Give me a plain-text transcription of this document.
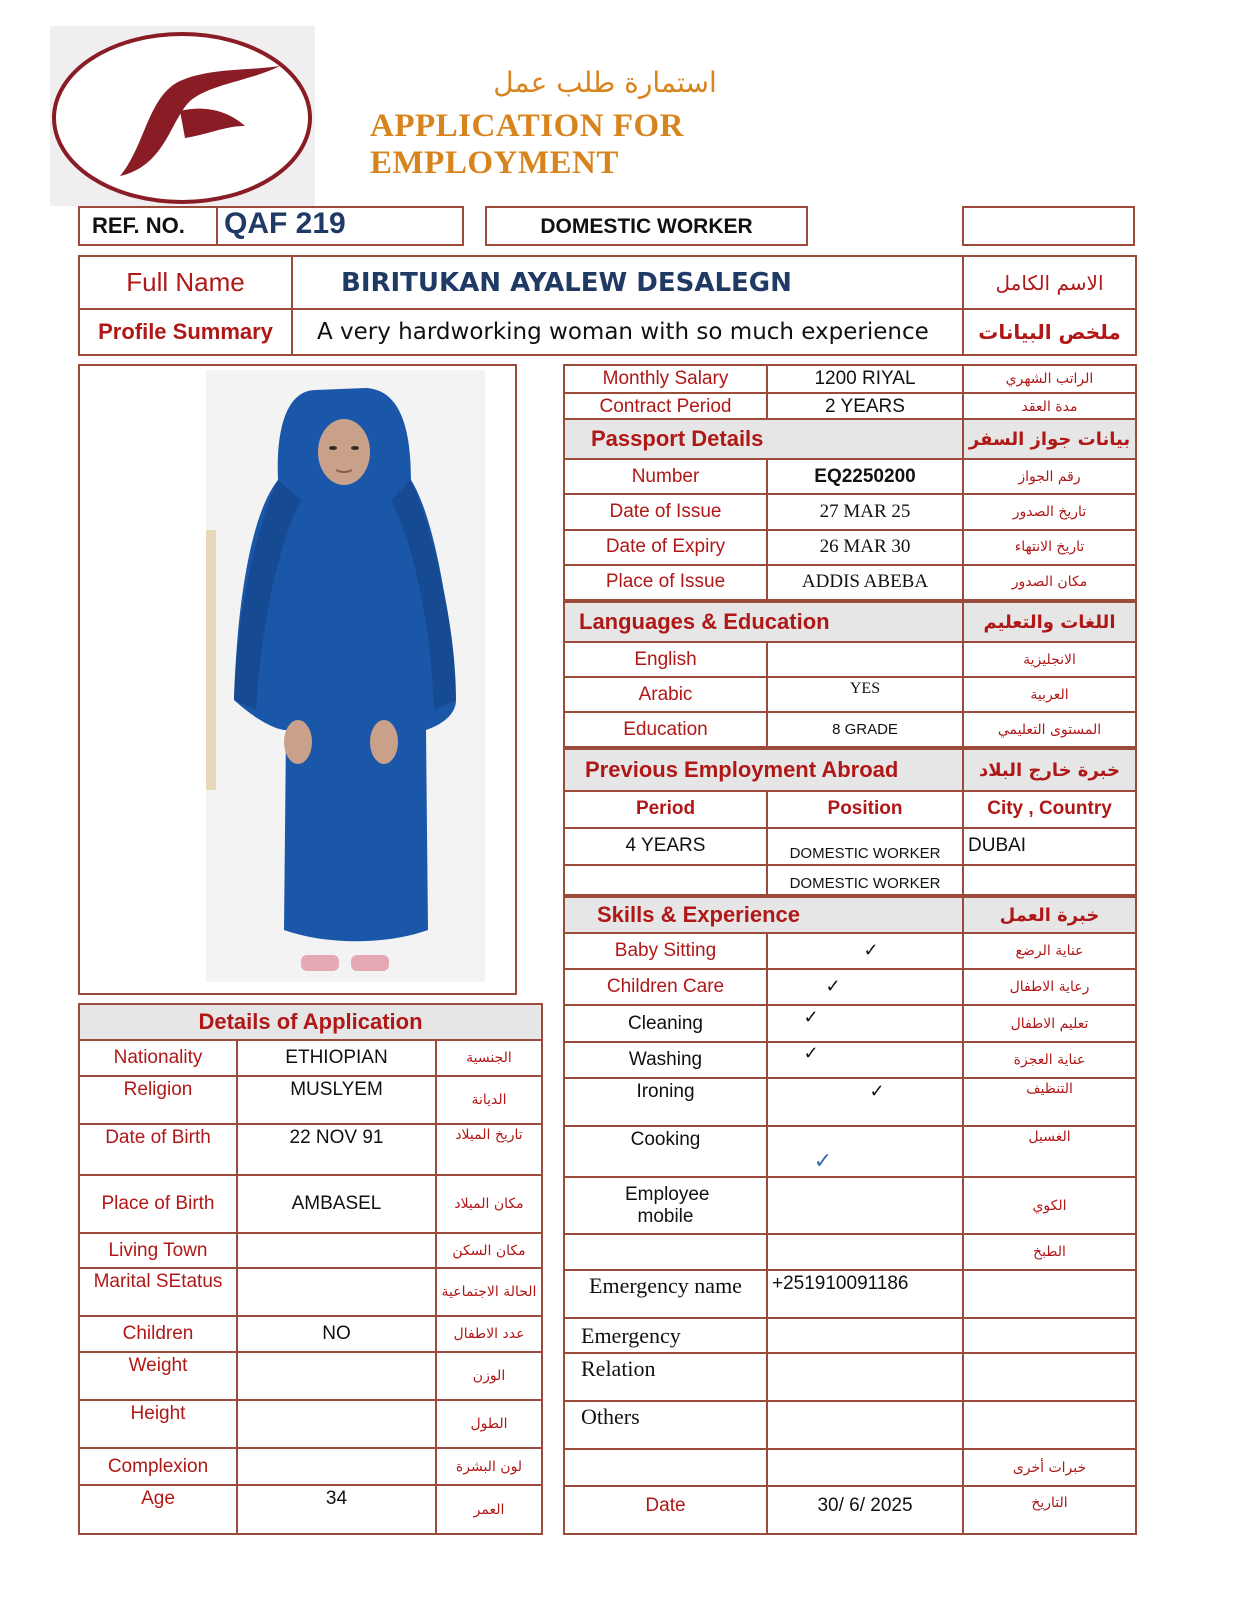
استمارة طلب عمل
APPLICATION FOR EMPLOYMENT
REF. NO. QAF 219	DOMESTIC WORKER
Full Name	BIRITUKAN AYALEW DESALEGN	الاسم الكامل
Profile Summary	A very hardworking woman with so much experience	ملخص البيانات
Monthly Salary	1200 RIYAL	الراتب الشهري
Contract Period	2 YEARS	مدة العقد
Passport Details		بيانات جواز السفر
Number	EQ2250200	رقم الجواز
Date of Issue	27 MAR 25	تاريخ الصدور
Date of Expiry	26 MAR 30	تاريخ الانتهاء
Place of Issue	ADDIS ABEBA	مكان الصدور
Languages & Education		اللغات والتعليم
English		الانجليزية
Arabic	YES	العربية
Education	8 GRADE	المستوى التعليمي
Previous Employment Abroad		خبرة خارج البلاد
Period	Position	City , Country
4 YEARS	DOMESTIC WORKER	DUBAI
	DOMESTIC WORKER	
Skills & Experience		خبرة العمل
Baby Sitting	✓	عناية الرضع
Children Care	✓	رعاية الاطفال
Cleaning	✓	تعليم الاطفال
Washing	✓	عناية العجزة
Ironing	✓	التنظيف
Cooking	✓	الغسيل
Employee mobile		الكوي
		الطبخ
Emergency name	+251910091186	
Emergency		
Relation		
Others		
		خبرات أخرى
Date	30/ 6/ 2025	التاريخ
Details of Application		
Nationality	ETHIOPIAN	الجنسية
Religion	MUSLYEM	الديانة
Date of Birth	22 NOV 91	تاريخ الميلاد
Place of Birth	AMBASEL	مكان الميلاد
Living Town		مكان السكن
Marital SEtatus		الحالة الاجتماعية
Children	NO	عدد الاطفال
Weight		الوزن
Height		الطول
Complexion		لون البشرة
Age	34	العمر
